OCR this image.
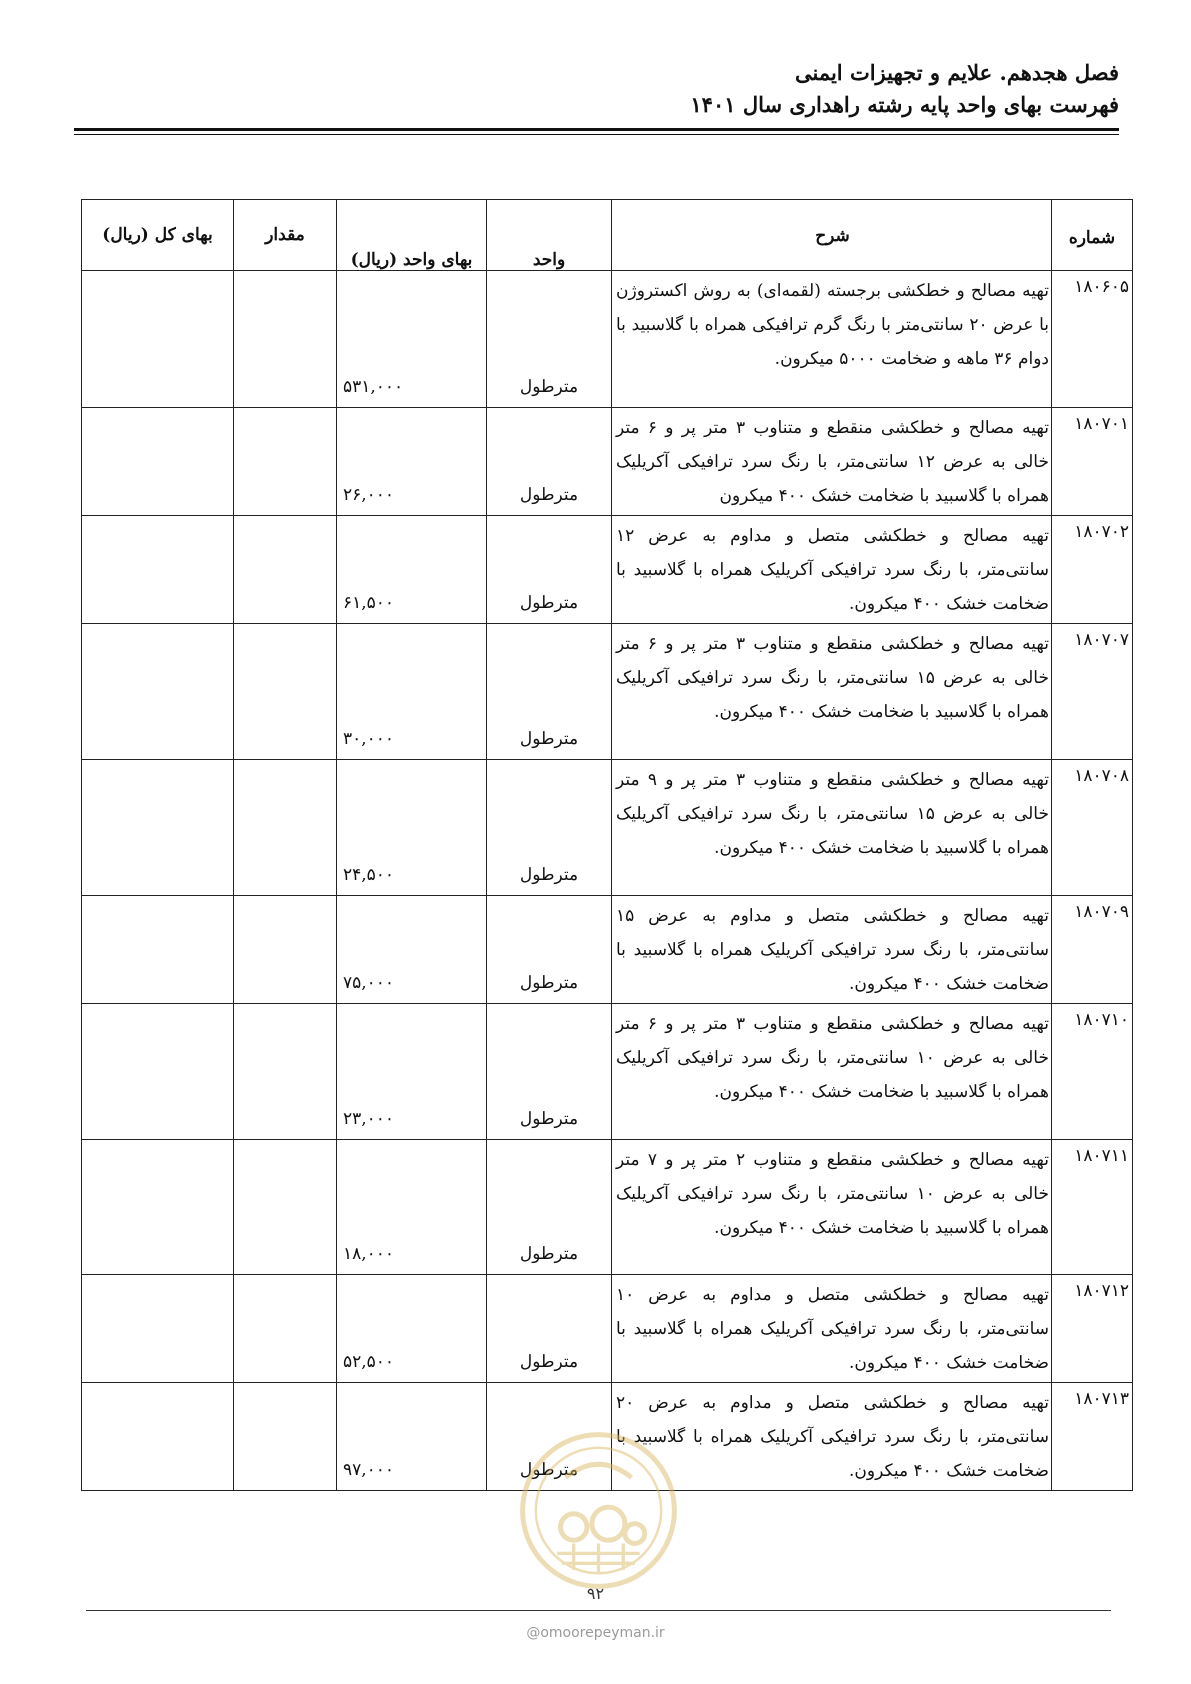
فصل هجدهم. علایم و تجهیزات ایمنی
فهرست بهای واحد پایه رشته راهداری سال ۱۴۰۱
شماره	شرح	واحد	بهای واحد (ریال)	مقدار	بهای کل (ریال)
۱۸۰۶۰۵	تهیه مصالح و خطکشی برجسته (لقمه‌ای) به روش اکستروژن با عرض ۲۰ سانتی‌متر با رنگ گرم ترافیکی همراه با گلاسبید با دوام ۳۶ ماهه و ضخامت ۵۰۰۰ میکرون.	مترطول	۵۳۱,۰۰۰		
۱۸۰۷۰۱	تهیه مصالح و خطکشی منقطع و متناوب ۳ متر پر و ۶ متر خالی به عرض ۱۲ سانتی‌متر، با رنگ سرد ترافیکی آکریلیک همراه با گلاسبید با ضخامت خشک ۴۰۰ میکرون	مترطول	۲۶,۰۰۰		
۱۸۰۷۰۲	تهیه مصالح و خطکشی متصل و مداوم به عرض ۱۲ سانتی‌متر، با رنگ سرد ترافیکی آکریلیک همراه با گلاسبید با ضخامت خشک ۴۰۰ میکرون.	مترطول	۶۱,۵۰۰		
۱۸۰۷۰۷	تهیه مصالح و خطکشی منقطع و متناوب ۳ متر پر و ۶ متر خالی به عرض ۱۵ سانتی‌متر، با رنگ سرد ترافیکی آکریلیک همراه با گلاسبید با ضخامت خشک ۴۰۰ میکرون.	مترطول	۳۰,۰۰۰		
۱۸۰۷۰۸	تهیه مصالح و خطکشی منقطع و متناوب ۳ متر پر و ۹ متر خالی به عرض ۱۵ سانتی‌متر، با رنگ سرد ترافیکی آکریلیک همراه با گلاسبید با ضخامت خشک ۴۰۰ میکرون.	مترطول	۲۴,۵۰۰		
۱۸۰۷۰۹	تهیه مصالح و خطکشی متصل و مداوم به عرض ۱۵ سانتی‌متر، با رنگ سرد ترافیکی آکریلیک همراه با گلاسبید با ضخامت خشک ۴۰۰ میکرون.	مترطول	۷۵,۰۰۰		
۱۸۰۷۱۰	تهیه مصالح و خطکشی منقطع و متناوب ۳ متر پر و ۶ متر خالی به عرض ۱۰ سانتی‌متر، با رنگ سرد ترافیکی آکریلیک همراه با گلاسبید با ضخامت خشک ۴۰۰ میکرون.	مترطول	۲۳,۰۰۰		
۱۸۰۷۱۱	تهیه مصالح و خطکشی منقطع و متناوب ۲ متر پر و ۷ متر خالی به عرض ۱۰ سانتی‌متر، با رنگ سرد ترافیکی آکریلیک همراه با گلاسبید با ضخامت خشک ۴۰۰ میکرون.	مترطول	۱۸,۰۰۰		
۱۸۰۷۱۲	تهیه مصالح و خطکشی متصل و مداوم به عرض ۱۰ سانتی‌متر، با رنگ سرد ترافیکی آکریلیک همراه با گلاسبید با ضخامت خشک ۴۰۰ میکرون.	مترطول	۵۲,۵۰۰		
۱۸۰۷۱۳	تهیه مصالح و خطکشی متصل و مداوم به عرض ۲۰ سانتی‌متر، با رنگ سرد ترافیکی آکریلیک همراه با گلاسبید با ضخامت خشک ۴۰۰ میکرون.	مترطول	۹۷,۰۰۰		
۹۲
@omoorepeyman.ir
